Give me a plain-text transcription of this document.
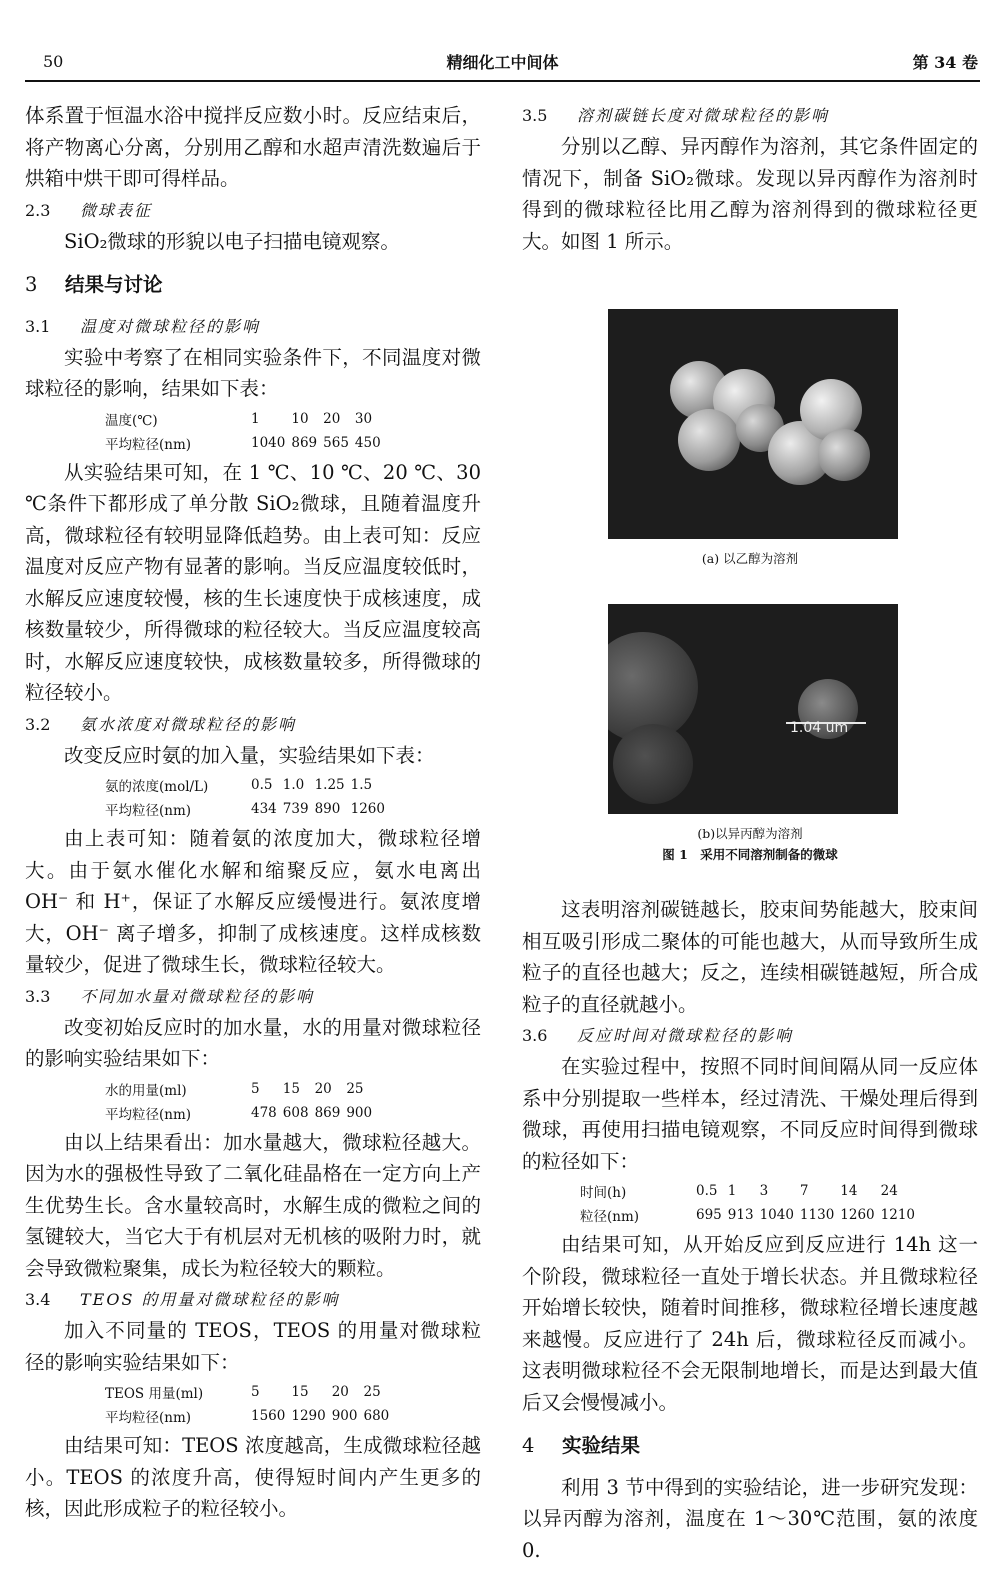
50	精细化工中间体	第 34 卷

体系置于恒温水浴中搅拌反应数小时。反应结束后，将产物离心分离，分别用乙醇和水超声清洗数遍后于烘箱中烘干即可得样品。

2.3 微球表征

SiO₂微球的形貌以电子扫描电镜观察。

3 结果与讨论
3.1 温度对微球粒径的影响

实验中考察了在相同实验条件下，不同温度对微球粒径的影响，结果如下表：

温度(℃)	1	10	20	30
平均粒径(nm)	1040	869	565	450

从实验结果可知，在 1 ℃、10 ℃、20 ℃、30 ℃条件下都形成了单分散 SiO₂微球，且随着温度升高，微球粒径有较明显降低趋势。由上表可知：反应温度对反应产物有显著的影响。当反应温度较低时，水解反应速度较慢，核的生长速度快于成核速度，成核数量较少，所得微球的粒径较大。当反应温度较高时，水解反应速度较快，成核数量较多，所得微球的粒径较小。

3.2 氨水浓度对微球粒径的影响

改变反应时氨的加入量，实验结果如下表：

氨的浓度(mol/L)	0.5	1.0	1.25	1.5
平均粒径(nm)	434	739	890	1260

由上表可知：随着氨的浓度加大，微球粒径增大。由于氨水催化水解和缩聚反应，氨水电离出 OH⁻ 和 H⁺，保证了水解反应缓慢进行。氨浓度增大，OH⁻ 离子增多，抑制了成核速度。这样成核数量较少，促进了微球生长，微球粒径较大。

3.3 不同加水量对微球粒径的影响

改变初始反应时的加水量，水的用量对微球粒径的影响实验结果如下：

水的用量(ml)	5	15	20	25
平均粒径(nm)	478	608	869	900

由以上结果看出：加水量越大，微球粒径越大。因为水的强极性导致了二氧化硅晶格在一定方向上产生优势生长。含水量较高时，水解生成的微粒之间的氢键较大，当它大于有机层对无机核的吸附力时，就会导致微粒聚集，成长为粒径较大的颗粒。

3.4 TEOS 的用量对微球粒径的影响

加入不同量的 TEOS，TEOS 的用量对微球粒径的影响实验结果如下：

TEOS 用量(ml)	5	15	20	25
平均粒径(nm)	1560	1290	900	680

由结果可知：TEOS 浓度越高，生成微球粒径越小。TEOS 的浓度升高，使得短时间内产生更多的核，因此形成粒子的粒径较小。

3.5 溶剂碳链长度对微球粒径的影响

分别以乙醇、异丙醇作为溶剂，其它条件固定的情况下，制备 SiO₂微球。发现以异丙醇作为溶剂时得到的微球粒径比用乙醇为溶剂得到的微球粒径更大。如图 1 所示。

(a) 以乙醇为溶剂
1.04 um
(b)以异丙醇为溶剂
图 1　采用不同溶剂制备的微球

这表明溶剂碳链越长，胶束间势能越大，胶束间相互吸引形成二聚体的可能也越大，从而导致所生成粒子的直径也越大；反之，连续相碳链越短，所合成粒子的直径就越小。

3.6 反应时间对微球粒径的影响

在实验过程中，按照不同时间间隔从同一反应体系中分别提取一些样本，经过清洗、干燥处理后得到微球，再使用扫描电镜观察，不同反应时间得到微球的粒径如下：

时间(h)	0.5	1	3	7	14	24
粒径(nm)	695	913	1040	1130	1260	1210

由结果可知，从开始反应到反应进行 14h 这一个阶段，微球粒径一直处于增长状态。并且微球粒径开始增长较快，随着时间推移，微球粒径增长速度越来越慢。反应进行了 24h 后，微球粒径反而减小。这表明微球粒径不会无限制地增长，而是达到最大值后又会慢慢减小。

4 实验结果

利用 3 节中得到的实验结论，进一步研究发现：以异丙醇为溶剂，温度在 1～30℃范围，氨的浓度 0.
